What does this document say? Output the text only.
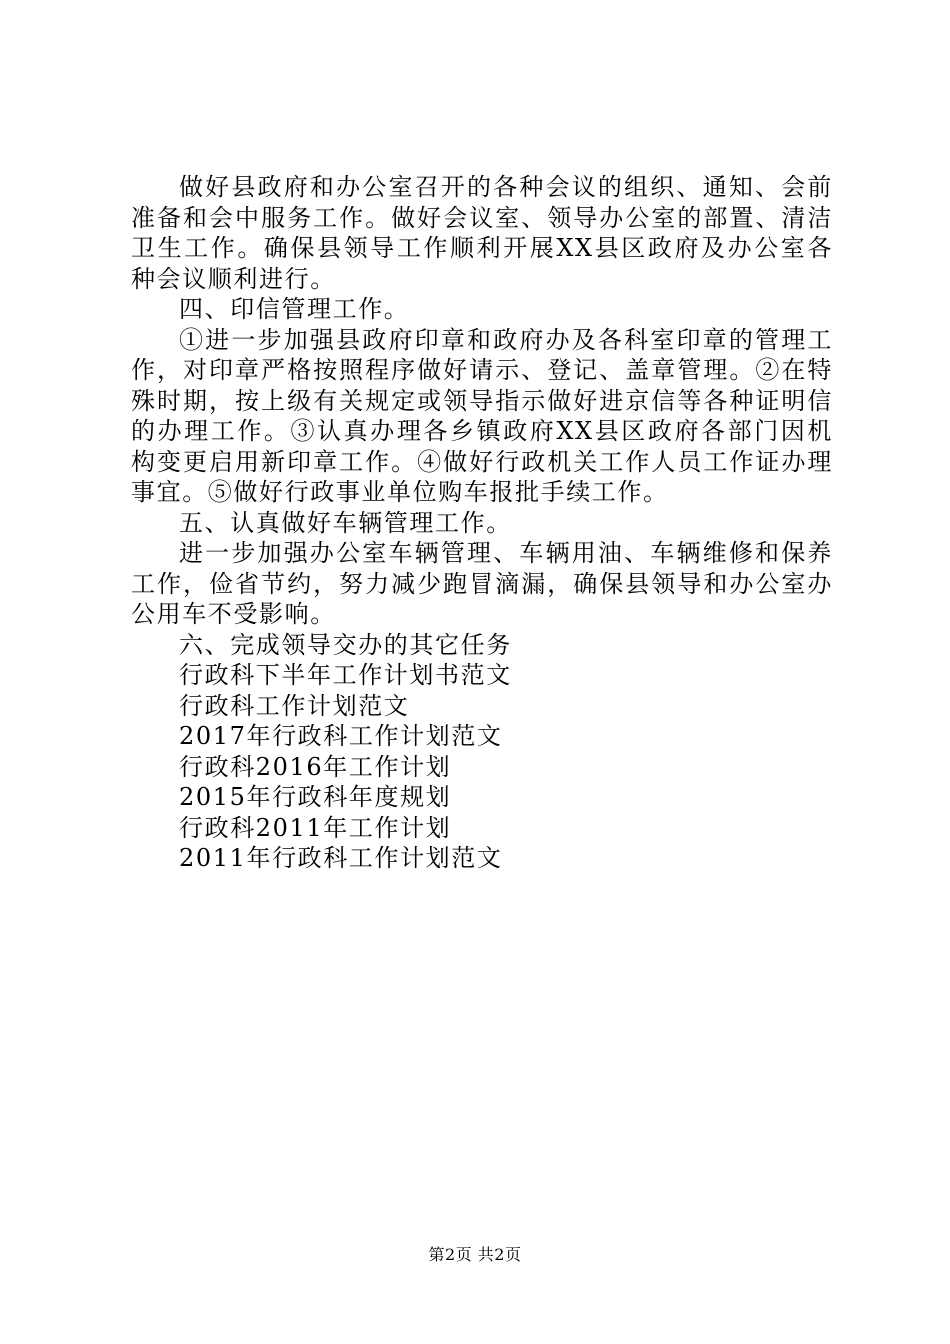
做好县政府和办公室召开的各种会议的组织、通知、会前准备和会中服务工作。做好会议室、领导办公室的部置、清洁卫生工作。确保县领导工作顺利开展XX县区政府及办公室各种会议顺利进行。

四、印信管理工作。

①进一步加强县政府印章和政府办及各科室印章的管理工作，对印章严格按照程序做好请示、登记、盖章管理。②在特殊时期，按上级有关规定或领导指示做好进京信等各种证明信的办理工作。③认真办理各乡镇政府XX县区政府各部门因机构变更启用新印章工作。④做好行政机关工作人员工作证办理事宜。⑤做好行政事业单位购车报批手续工作。

五、认真做好车辆管理工作。

进一步加强办公室车辆管理、车辆用油、车辆维修和保养工作，俭省节约，努力减少跑冒滴漏，确保县领导和办公室办公用车不受影响。

六、完成领导交办的其它任务

行政科下半年工作计划书范文

行政科工作计划范文

2017年行政科工作计划范文

行政科2016年工作计划

2015年行政科年度规划

行政科2011年工作计划

2011年行政科工作计划范文

第2页 共2页
